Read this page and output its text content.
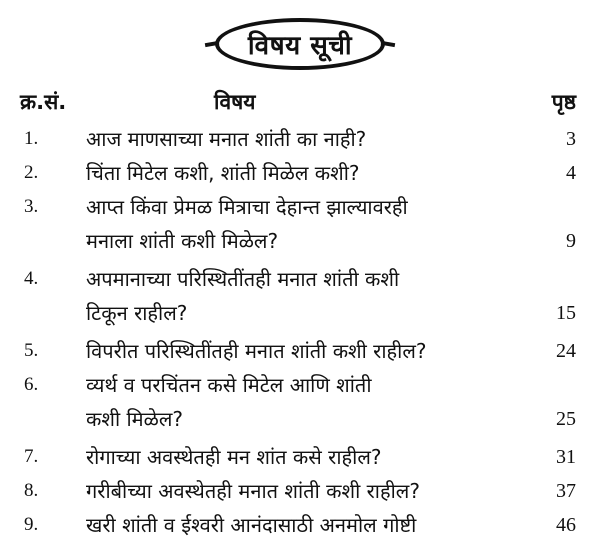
विषय सूची
क्र.सं.	विषय	पृष्ठ
1. आज माणसाच्या मनात शांती का नाही?	3
2. चिंता मिटेल कशी, शांती मिळेल कशी?	4
3. आप्त किंवा प्रेमळ मित्राचा देहान्त झाल्यावरही
मनाला शांती कशी मिळेल?	9
4. अपमानाच्या परिस्थितींतही मनात शांती कशी
टिकून राहील?	15
5. विपरीत परिस्थितींतही मनात शांती कशी राहील?	24
6. व्यर्थ व परचिंतन कसे मिटेल आणि शांती
कशी मिळेल?	25
7. रोगाच्या अवस्थेतही मन शांत कसे राहील?	31
8. गरीबीच्या अवस्थेतही मनात शांती कशी राहील?	37
9. खरी शांती व ईश्वरी आनंदासाठी अनमोल गोष्टी	46
